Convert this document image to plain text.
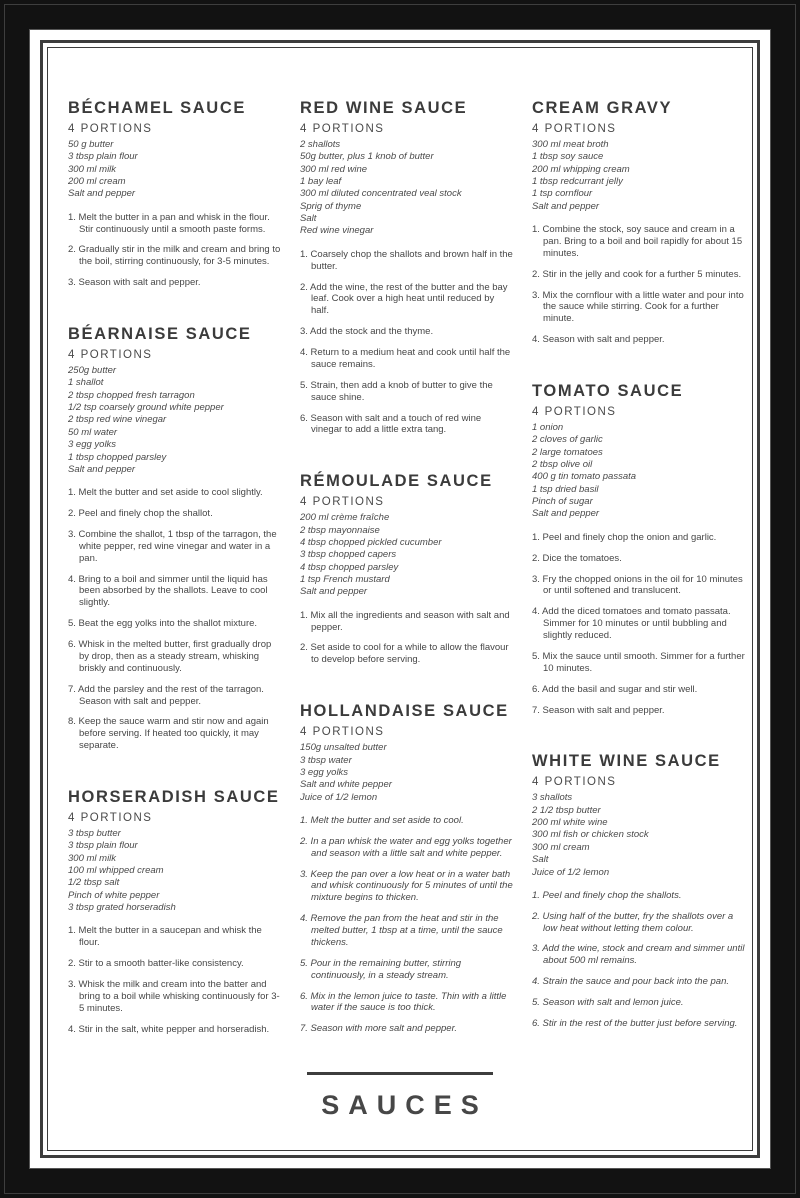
BÉCHAMEL SAUCE
4 PORTIONS
50 g butter
3 tbsp plain flour
300 ml milk
200 ml cream
Salt and pepper

1. Melt the butter in a pan and whisk in the flour. Stir continuously until a smooth paste forms.

2. Gradually stir in the milk and cream and bring to the boil, stirring continuously, for 3-5 minutes.

3. Season with salt and pepper.

BÉARNAISE SAUCE
4 PORTIONS
250g butter
1 shallot
2 tbsp chopped fresh tarragon
1/2 tsp coarsely ground white pepper
2 tbsp red wine vinegar
50 ml water
3 egg yolks
1 tbsp chopped parsley
Salt and pepper

1. Melt the butter and set aside to cool slightly.

2. Peel and finely chop the shallot.

3. Combine the shallot, 1 tbsp of the tarragon, the white pepper, red wine vinegar and water in a pan.

4. Bring to a boil and simmer until the liquid has been absorbed by the shallots. Leave to cool slightly.

5. Beat the egg yolks into the shallot mixture.

6. Whisk in the melted butter, first gradually drop by drop, then as a steady stream, whisking briskly and continuously.

7. Add the parsley and the rest of the tarragon. Season with salt and pepper.

8. Keep the sauce warm and stir now and again before serving. If heated too quickly, it may separate.

HORSERADISH SAUCE
4 PORTIONS
3 tbsp butter
3 tbsp plain flour
300 ml milk
100 ml whipped cream
1/2 tbsp salt
Pinch of white pepper
3 tbsp grated horseradish

1. Melt the butter in a saucepan and whisk the flour.

2. Stir to a smooth batter-like consistency.

3. Whisk the milk and cream into the batter and bring to a boil while whisking continuously for 3-5 minutes.

4. Stir in the salt, white pepper and horseradish.

RED WINE SAUCE
4 PORTIONS
2 shallots
50g butter, plus 1 knob of butter
300 ml red wine
1 bay leaf
300 ml diluted concentrated veal stock
Sprig of thyme
Salt
Red wine vinegar

1. Coarsely chop the shallots and brown half in the butter.

2. Add the wine, the rest of the butter and the bay leaf. Cook over a high heat until reduced by half.

3. Add the stock and the thyme.

4. Return to a medium heat and cook until half the sauce remains.

5. Strain, then add a knob of butter to give the sauce shine.

6. Season with salt and a touch of red wine vinegar to add a little extra tang.

RÉMOULADE SAUCE
4 PORTIONS
200 ml crème fraîche
2 tbsp mayonnaise
4 tbsp chopped pickled cucumber
3 tbsp chopped capers
4 tbsp chopped parsley
1 tsp French mustard
Salt and pepper

1. Mix all the ingredients and season with salt and pepper.

2. Set aside to cool for a while to allow the flavour to develop before serving.

HOLLANDAISE SAUCE
4 PORTIONS
150g unsalted butter
3 tbsp water
3 egg yolks
Salt and white pepper
Juice of 1/2 lemon

1. Melt the butter and set aside to cool.

2. In a pan whisk the water and egg yolks together and season with a little salt and white pepper.

3. Keep the pan over a low heat or in a water bath and whisk continuously for 5 minutes of until the mixture begins to thicken.

4. Remove the pan from the heat and stir in the melted butter, 1 tbsp at a time, until the sauce thickens.

5. Pour in the remaining butter, stirring continuously, in a steady stream.

6. Mix in the lemon juice to taste. Thin with a little water if the sauce is too thick.

7. Season with more salt and pepper.

CREAM GRAVY
4 PORTIONS
300 ml meat broth
1 tbsp soy sauce
200 ml whipping cream
1 tbsp redcurrant jelly
1 tsp cornflour
Salt and pepper

1. Combine the stock, soy sauce and cream in a pan. Bring to a boil and boil rapidly for about 15 minutes.

2. Stir in the jelly and cook for a further 5 minutes.

3. Mix the cornflour with a little water and pour into the sauce while stirring. Cook for a further minute.

4. Season with salt and pepper.

TOMATO SAUCE
4 PORTIONS
1 onion
2 cloves of garlic
2 large tomatoes
2 tbsp olive oil
400 g tin tomato passata
1 tsp dried basil
Pinch of sugar
Salt and pepper

1. Peel and finely chop the onion and garlic.

2. Dice the tomatoes.

3. Fry the chopped onions in the oil for 10 minutes or until softened and translucent.

4. Add the diced tomatoes and tomato passata. Simmer for 10 minutes or until bubbling and slightly reduced.

5. Mix the sauce until smooth. Simmer for a further 10 minutes.

6. Add the basil and sugar and stir well.

7. Season with salt and pepper.

WHITE WINE SAUCE
4 PORTIONS
3 shallots
2 1/2 tbsp butter
200 ml white wine
300 ml fish or chicken stock
300 ml cream
Salt
Juice of 1/2 lemon

1. Peel and finely chop the shallots.

2. Using half of the butter, fry the shallots over a low heat without letting them colour.

3. Add the wine, stock and cream and simmer until about 500 ml remains.

4. Strain the sauce and pour back into the pan.

5. Season with salt and lemon juice.

6. Stir in the rest of the butter just before serving.

SAUCES
